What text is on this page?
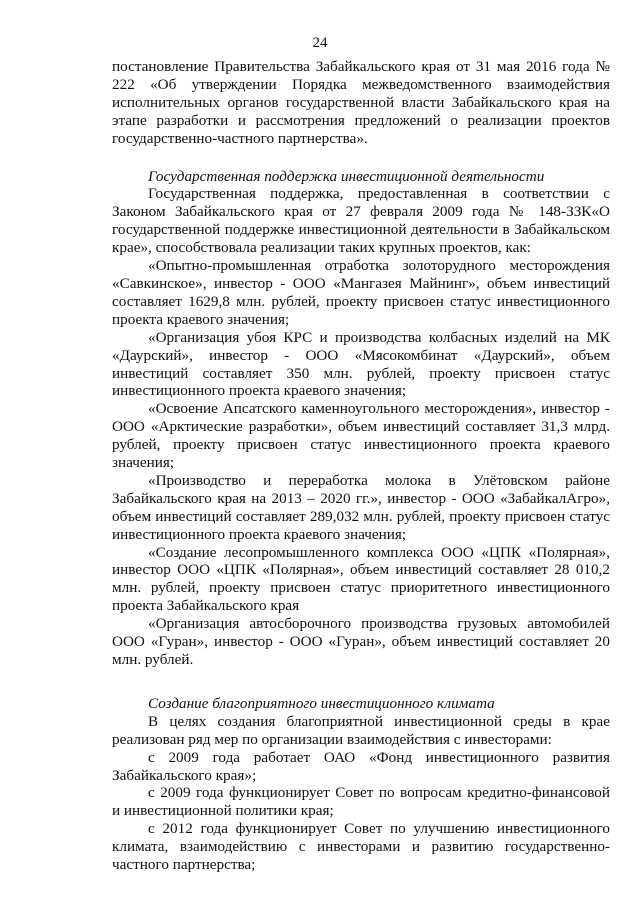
24

постановление Правительства Забайкальского края от 31 мая 2016 года № 222 «Об утверждении Порядка межведомственного взаимодействия исполнительных органов государственной власти Забайкальского края на этапе разработки и рассмотрения предложений о реализации проектов государственно-частного партнерства».

Государственная поддержка инвестиционной деятельности

Государственная поддержка, предоставленная в соответствии с Законом Забайкальского края от 27 февраля 2009 года № 148-ЗЗК«О государственной поддержке инвестиционной деятельности в Забайкальском крае», способствовала реализации таких крупных проектов, как:

«Опытно-промышленная отработка золоторудного месторождения «Савкинское», инвестор - ООО «Мангазея Майнинг», объем инвестиций составляет 1629,8 млн. рублей, проекту присвоен статус инвестиционного проекта краевого значения;

«Организация убоя КРС и производства колбасных изделий на МК «Даурский», инвестор - ООО «Мясокомбинат «Даурский», объем инвестиций составляет 350 млн. рублей, проекту присвоен статус инвестиционного проекта краевого значения;

«Освоение Апсатского каменноугольного месторождения», инвестор - ООО «Арктические разработки», объем инвестиций составляет 31,3 млрд. рублей, проекту присвоен статус инвестиционного проекта краевого значения;

«Производство и переработка молока в Улётовском районе Забайкальского края на 2013 – 2020 гг.», инвестор - ООО «ЗабайкалАгро», объем инвестиций составляет 289,032 млн. рублей, проекту присвоен статус инвестиционного проекта краевого значения;

«Создание лесопромышленного комплекса ООО «ЦПК «Полярная», инвестор ООО «ЦПК «Полярная», объем инвестиций составляет 28 010,2 млн. рублей, проекту присвоен статус приоритетного инвестиционного проекта Забайкальского края

«Организация автосборочного производства грузовых автомобилей ООО «Гуран», инвестор - ООО «Гуран», объем инвестиций составляет 20 млн. рублей.

Создание благоприятного инвестиционного климата

В целях создания благоприятной инвестиционной среды в крае реализован ряд мер по организации взаимодействия с инвесторами:

с 2009 года работает ОАО «Фонд инвестиционного развития Забайкальского края»;

с 2009 года функционирует Совет по вопросам кредитно-финансовой и инвестиционной политики края;

с 2012 года функционирует Совет по улучшению инвестиционного климата, взаимодействию с инвесторами и развитию государственно-частного партнерства;
